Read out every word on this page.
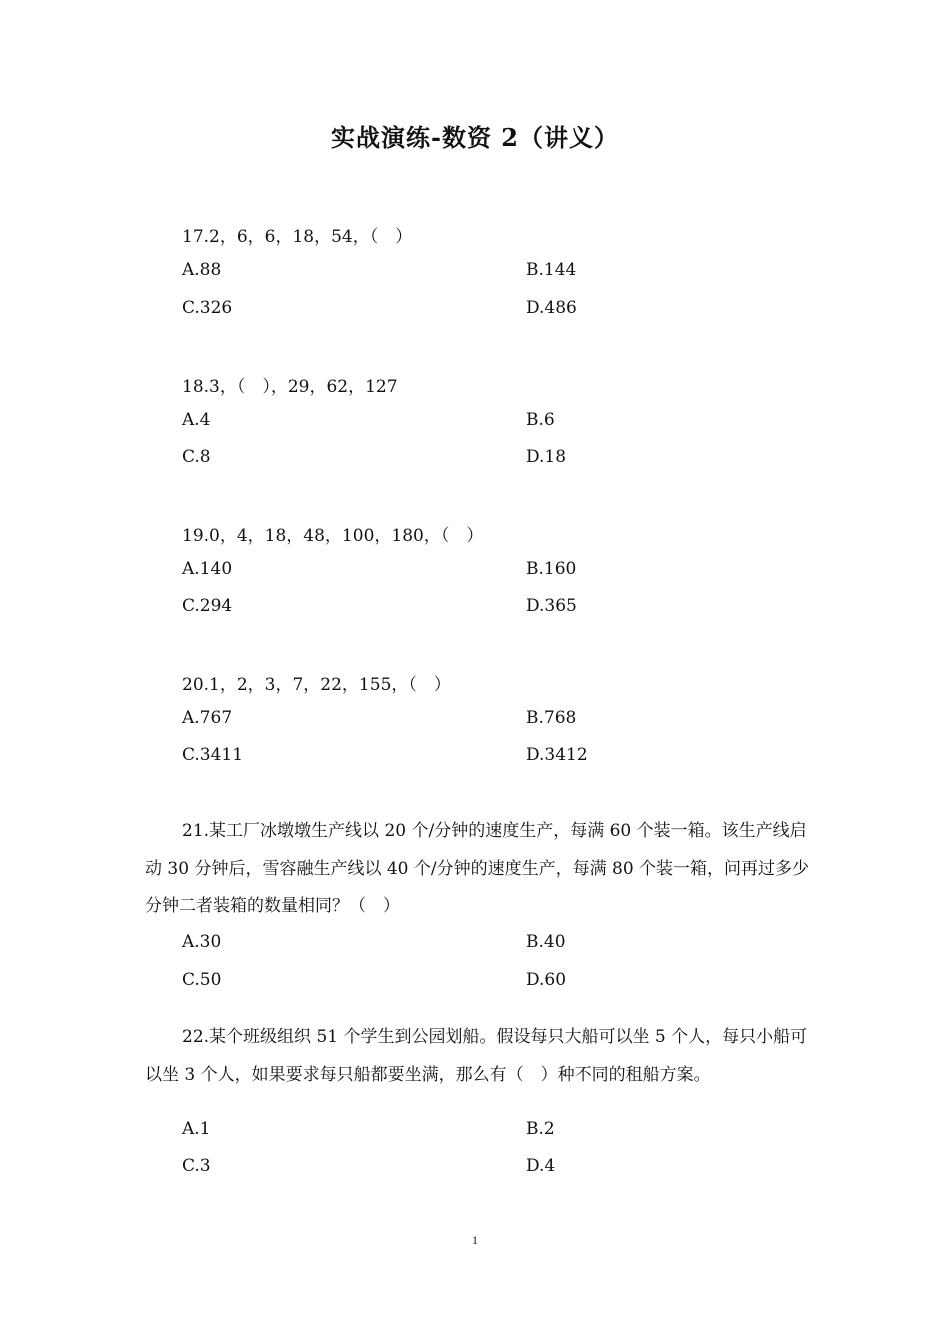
实战演练-数资 2（讲义）
17.2，6，6，18，54，（　）
A.88	B.144
C.326	D.486
18.3，（　），29，62，127
A.4	B.6
C.8	D.18
19.0，4，18，48，100，180，（　）
A.140	B.160
C.294	D.365
20.1，2，3，7，22，155，（　）
A.767	B.768
C.3411	D.3412
21.某工厂冰墩墩生产线以 20 个/分钟的速度生产，每满 60 个装一箱。该生产线启动 30 分钟后，雪容融生产线以 40 个/分钟的速度生产，每满 80 个装一箱，问再过多少分钟二者装箱的数量相同？（　）
A.30	B.40
C.50	D.60
22.某个班级组织 51 个学生到公园划船。假设每只大船可以坐 5 个人，每只小船可以坐 3 个人，如果要求每只船都要坐满，那么有（　）种不同的租船方案。
A.1	B.2
C.3	D.4
1
